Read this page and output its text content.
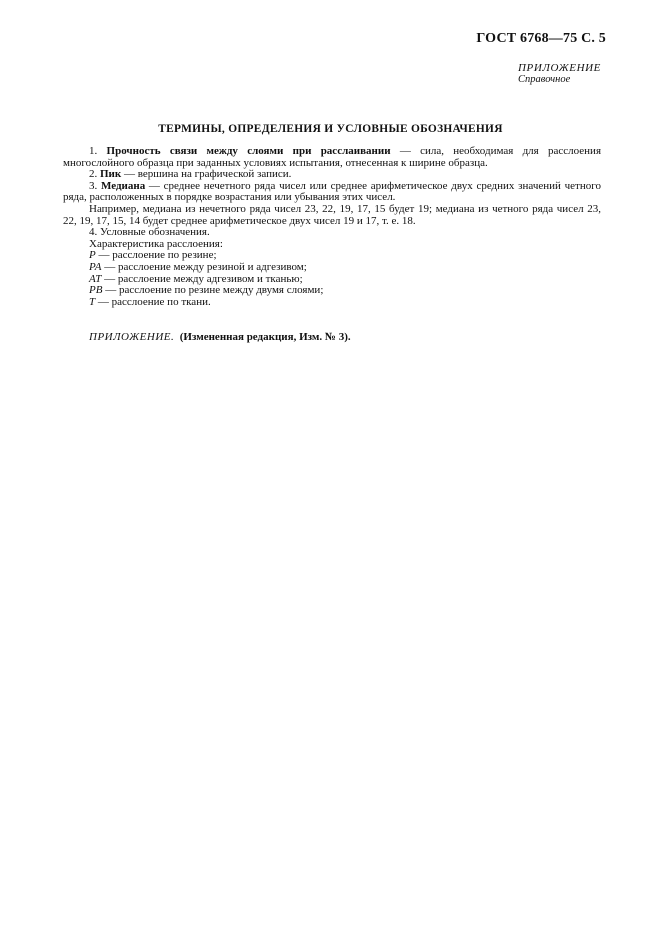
ГОСТ 6768—75 С. 5
ПРИЛОЖЕНИЕ
Справочное
ТЕРМИНЫ, ОПРЕДЕЛЕНИЯ И УСЛОВНЫЕ ОБОЗНАЧЕНИЯ

1. Прочность связи между слоями при расслаивании — сила, необходимая для расслоения многослойного образца при заданных условиях испытания, отнесенная к ширине образца.

2. Пик — вершина на графической записи.

3. Медиана — среднее нечетного ряда чисел или среднее арифметическое двух средних значений четного ряда, расположенных в порядке возрастания или убывания этих чисел.

Например, медиана из нечетного ряда чисел 23, 22, 19, 17, 15 будет 19; медиана из четного ряда чисел 23, 22, 19, 17, 15, 14 будет среднее арифметическое двух чисел 19 и 17, т. е. 18.

4. Условные обозначения.

Характеристика расслоения:

Р — расслоение по резине;

РА — расслоение между резиной и адгезивом;

АТ — расслоение между адгезивом и тканью;

РВ — расслоение по резине между двумя слоями;

Т — расслоение по ткани.

ПРИЛОЖЕНИЕ. (Измененная редакция, Изм. № 3).
